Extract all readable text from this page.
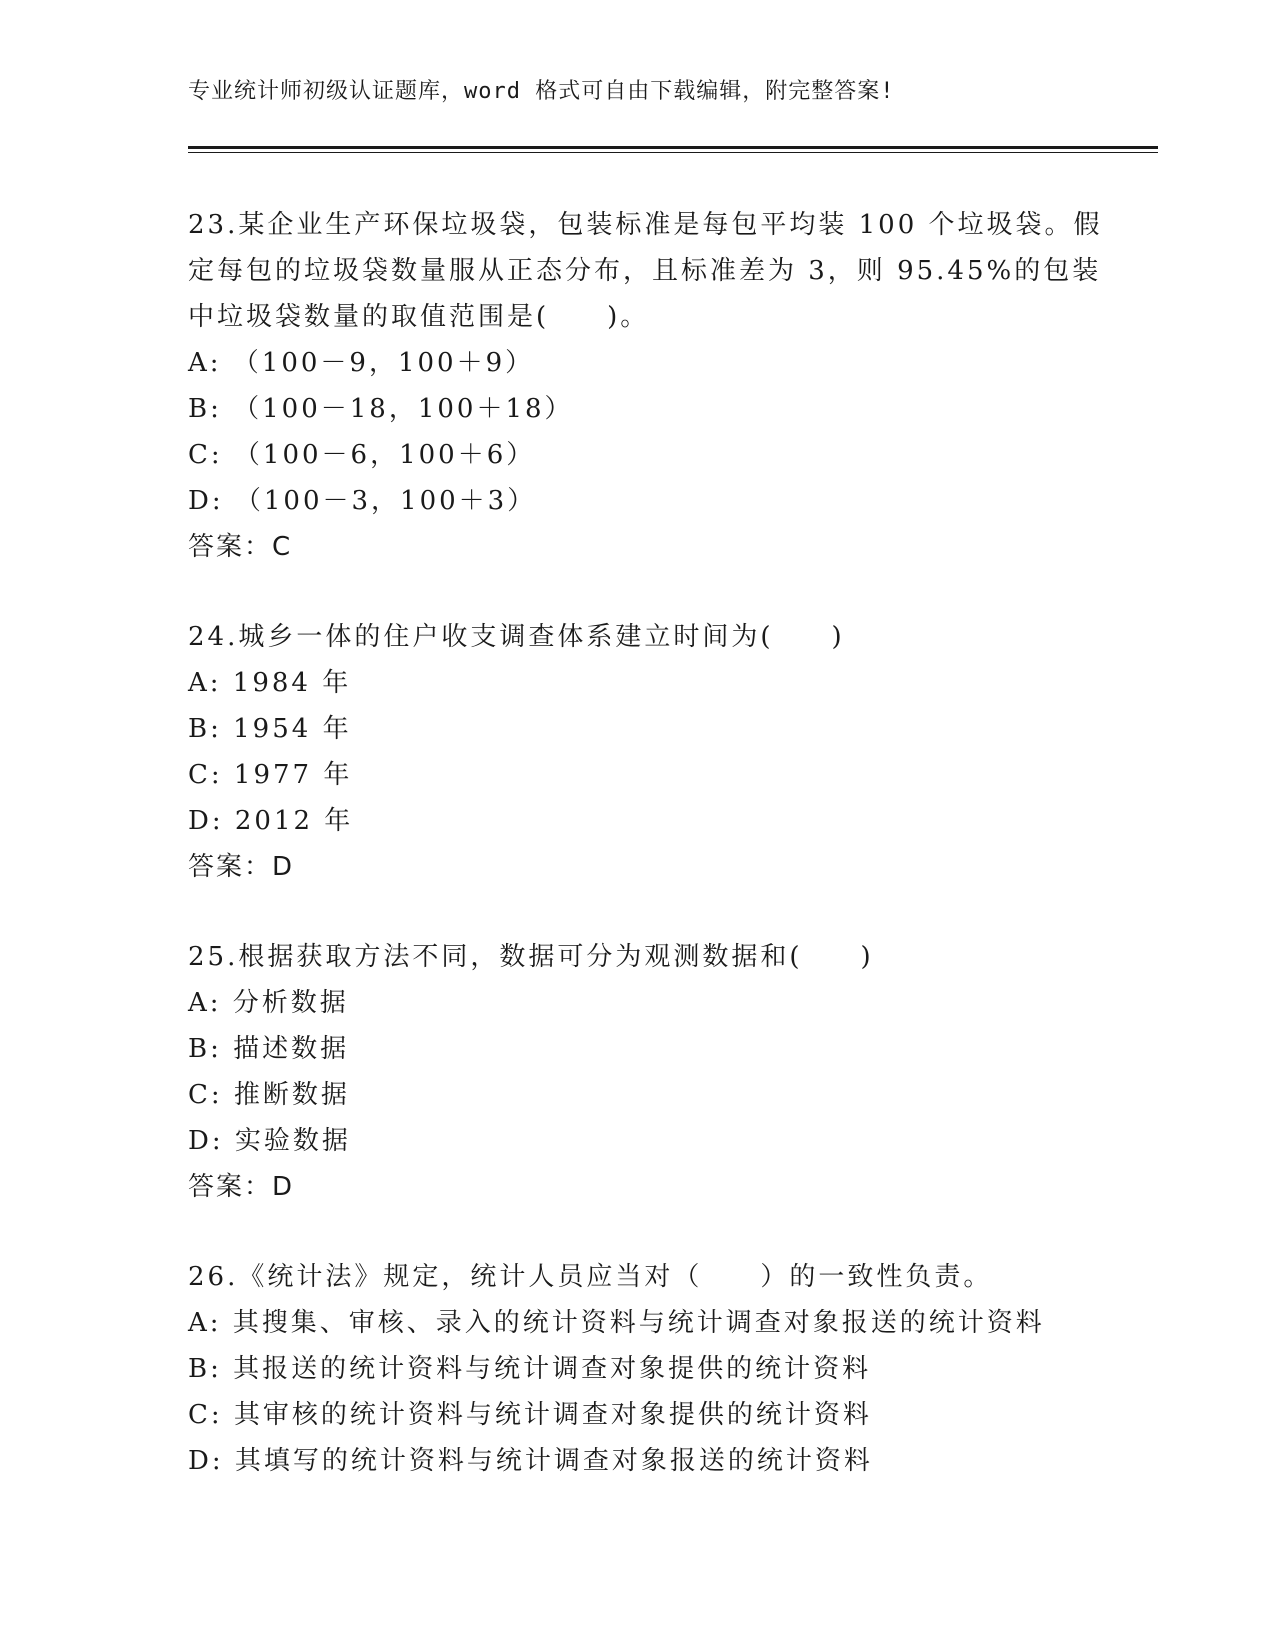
专业统计师初级认证题库，word 格式可自由下载编辑，附完整答案!
23.某企业生产环保垃圾袋，包装标准是每包平均装 100 个垃圾袋。假
定每包的垃圾袋数量服从正态分布，且标准差为 3，则 95.45%的包装
中垃圾袋数量的取值范围是(　　)。
A: （100－9，100＋9）
B: （100－18，100＋18）
C: （100－6，100＋6）
D: （100－3，100＋3）
答案：C
24.城乡一体的住户收支调查体系建立时间为(　　)
A: 1984 年
B: 1954 年
C: 1977 年
D: 2012 年
答案：D
25.根据获取方法不同，数据可分为观测数据和(　　)
A: 分析数据
B: 描述数据
C: 推断数据
D: 实验数据
答案：D
26.《统计法》规定，统计人员应当对（　　）的一致性负责。
A: 其搜集、审核、录入的统计资料与统计调查对象报送的统计资料
B: 其报送的统计资料与统计调查对象提供的统计资料
C: 其审核的统计资料与统计调查对象提供的统计资料
D: 其填写的统计资料与统计调查对象报送的统计资料
